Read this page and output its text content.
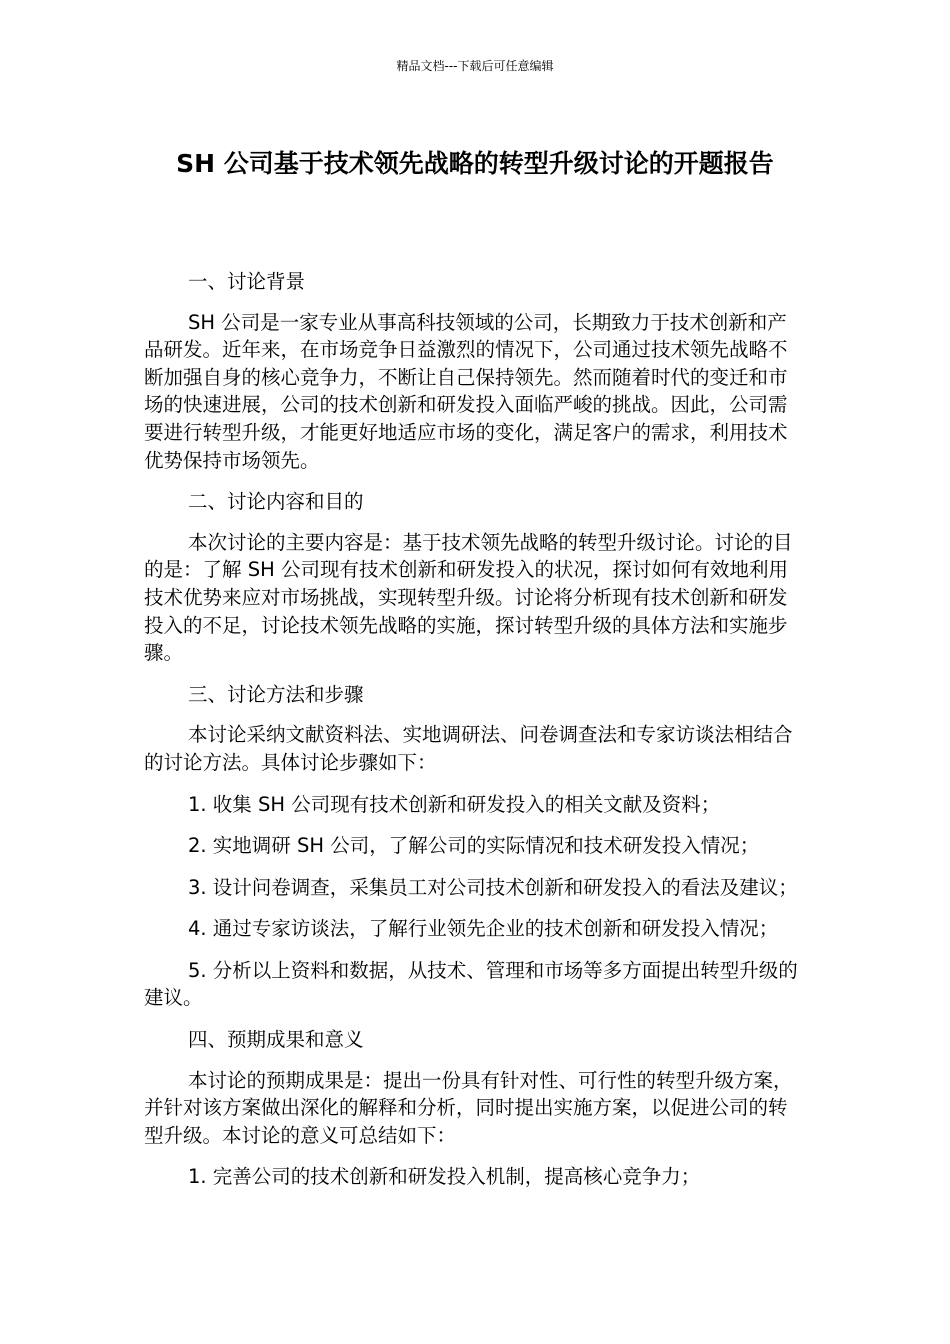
精品文档---下载后可任意编辑
SH 公司基于技术领先战略的转型升级讨论的开题报告
一、讨论背景
SH 公司是一家专业从事高科技领域的公司，长期致力于技术创新和产品研发。近年来，在市场竞争日益激烈的情况下，公司通过技术领先战略不断加强自身的核心竞争力，不断让自己保持领先。然而随着时代的变迁和市场的快速进展，公司的技术创新和研发投入面临严峻的挑战。因此，公司需要进行转型升级，才能更好地适应市场的变化，满足客户的需求，利用技术优势保持市场领先。
二、讨论内容和目的
本次讨论的主要内容是：基于技术领先战略的转型升级讨论。讨论的目的是：了解 SH 公司现有技术创新和研发投入的状况，探讨如何有效地利用技术优势来应对市场挑战，实现转型升级。讨论将分析现有技术创新和研发投入的不足，讨论技术领先战略的实施，探讨转型升级的具体方法和实施步骤。
三、讨论方法和步骤
本讨论采纳文献资料法、实地调研法、问卷调查法和专家访谈法相结合的讨论方法。具体讨论步骤如下：
1. 收集 SH 公司现有技术创新和研发投入的相关文献及资料；
2. 实地调研 SH 公司，了解公司的实际情况和技术研发投入情况；
3. 设计问卷调查，采集员工对公司技术创新和研发投入的看法及建议；
4. 通过专家访谈法，了解行业领先企业的技术创新和研发投入情况；
5. 分析以上资料和数据，从技术、管理和市场等多方面提出转型升级的建议。
四、预期成果和意义
本讨论的预期成果是：提出一份具有针对性、可行性的转型升级方案，并针对该方案做出深化的解释和分析，同时提出实施方案，以促进公司的转型升级。本讨论的意义可总结如下：
1. 完善公司的技术创新和研发投入机制，提高核心竞争力；
